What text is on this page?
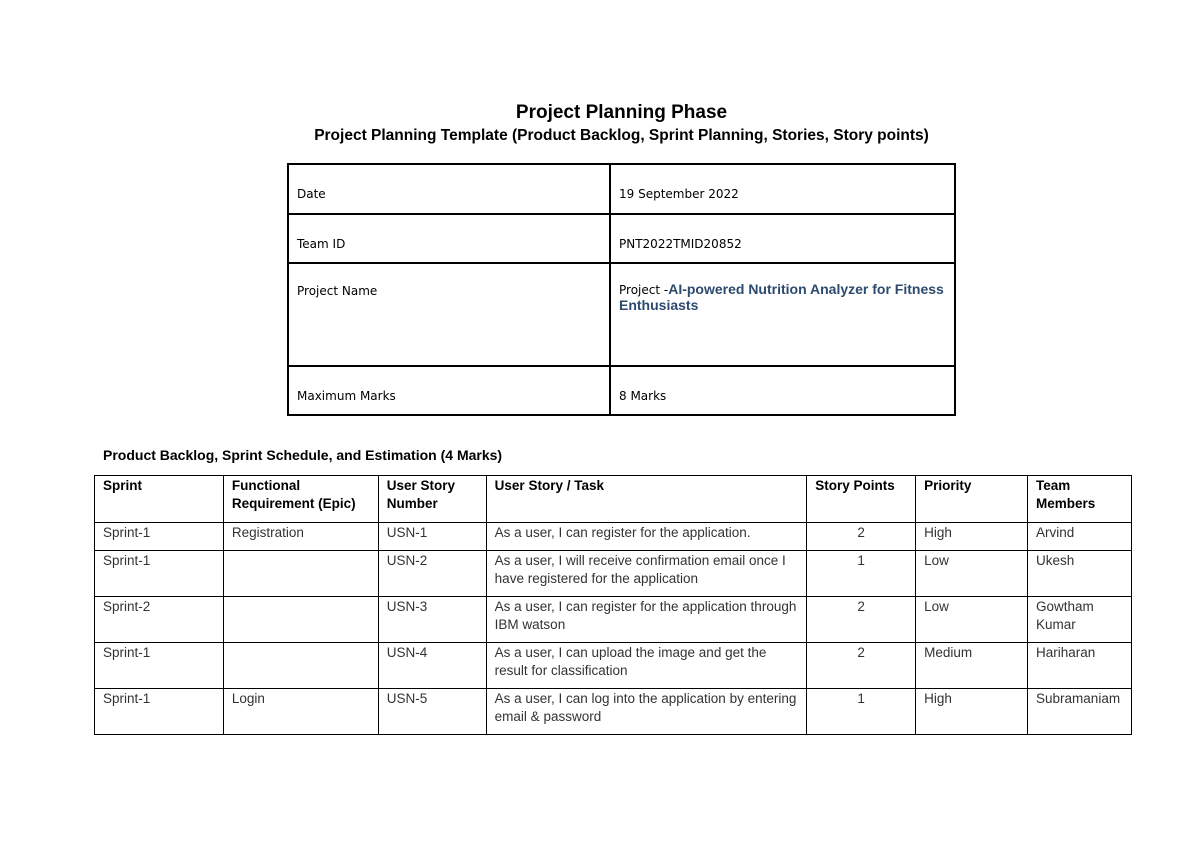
Project Planning Phase
Project Planning Template (Product Backlog, Sprint Planning, Stories, Story points)
Date	19 September 2022
Team ID	PNT2022TMID20852
Project Name	Project -AI-powered Nutrition Analyzer for Fitness Enthusiasts
Maximum Marks	8 Marks
Product Backlog, Sprint Schedule, and Estimation (4 Marks)
Sprint	Functional Requirement (Epic)	User Story Number	User Story / Task	Story Points	Priority	Team Members
Sprint-1	Registration	USN-1	As a user, I can register for the application.	2	High	Arvind
Sprint-1		USN-2	As a user, I will receive confirmation email once I have registered for the application	1	Low	Ukesh
Sprint-2		USN-3	As a user, I can register for the application through IBM watson	2	Low	Gowtham Kumar
Sprint-1		USN-4	As a user, I can upload the image and get the result for classification	2	Medium	Hariharan
Sprint-1	Login	USN-5	As a user, I can log into the application by entering email & password	1	High	Subramaniam
